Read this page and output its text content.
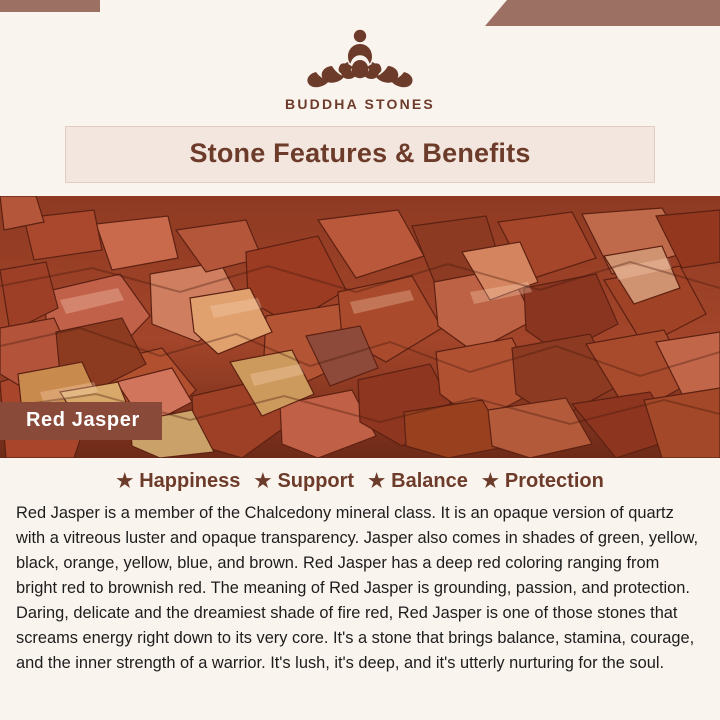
BUDDHA STONES
Stone Features & Benefits
Red Jasper
★ Happiness ★ Support ★ Balance ★ Protection

Red Jasper is a member of the Chalcedony mineral class. It is an opaque version of quartz with a vitreous luster and opaque transparency. Jasper also comes in shades of green, yellow, black, orange, yellow, blue, and brown. Red Jasper has a deep red coloring ranging from bright red to brownish red. The meaning of Red Jasper is grounding, passion, and protection. Daring, delicate and the dreamiest shade of fire red, Red Jasper is one of those stones that screams energy right down to its very core. It's a stone that brings balance, stamina, courage, and the inner strength of a warrior. It's lush, it's deep, and it's utterly nurturing for the soul.
